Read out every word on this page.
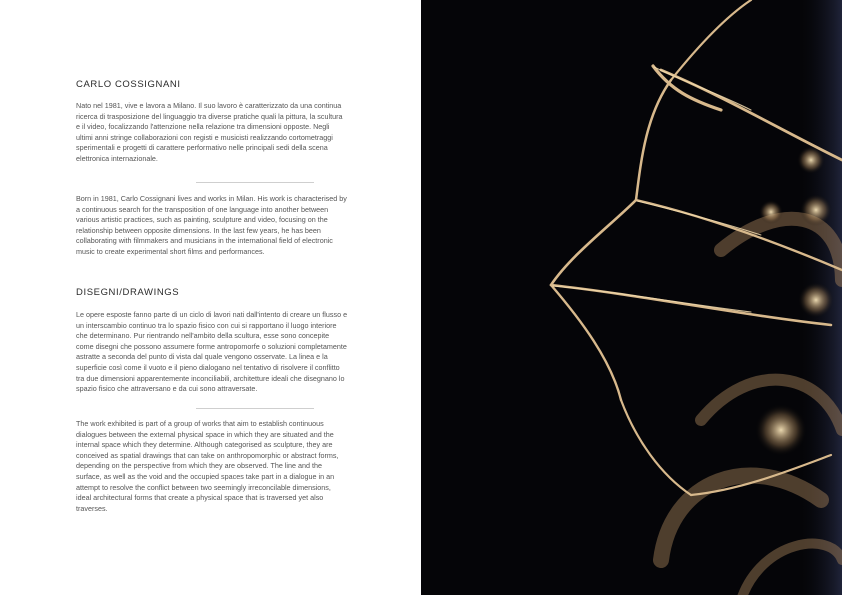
CARLO COSSIGNANI

Nato nel 1981, vive e lavora a Milano. Il suo lavoro è caratterizzato da una continua ricerca di trasposizione del linguaggio tra diverse pratiche quali la pittura, la scultura e il video, focalizzando l'attenzione nella relazione tra dimensioni opposte. Negli ultimi anni stringe collaborazioni con registi e musicisti realizzando cortometraggi sperimentali e progetti di carattere performativo nelle principali sedi della scena elettronica internazionale.

Born in 1981, Carlo Cossignani lives and works in Milan. His work is characterised by a continuous search for the transposition of one language into another between various artistic practices, such as painting, sculpture and video, focusing on the relationship between opposite dimensions. In the last few years, he has been collaborating with filmmakers and musicians in the international field of electronic music to create experimental short films and performances.

DISEGNI/DRAWINGS

Le opere esposte fanno parte di un ciclo di lavori nati dall'intento di creare un flusso e un interscambio continuo tra lo spazio fisico con cui si rapportano il luogo interiore che determinano. Pur rientrando nell'ambito della scultura, esse sono concepite come disegni che possono assumere forme antropomorfe o soluzioni completamente astratte a seconda del punto di vista dal quale vengono osservate. La linea e la superficie così come il vuoto e il pieno dialogano nel tentativo di risolvere il conflitto tra due dimensioni apparentemente inconciliabili, architetture ideali che disegnano lo spazio fisico che attraversano e da cui sono attraversate.

The work exhibited is part of a group of works that aim to establish continuous dialogues between the external physical space in which they are situated and the internal space which they determine. Although categorised as sculpture, they are conceived as spatial drawings that can take on anthropomorphic or abstract forms, depending on the perspective from which they are observed. The line and the surface, as well as the void and the occupied spaces take part in a dialogue in an attempt to resolve the conflict between two seemingly irreconcilable dimensions, ideal architectural forms that create a physical space that is traversed yet also traverses.
